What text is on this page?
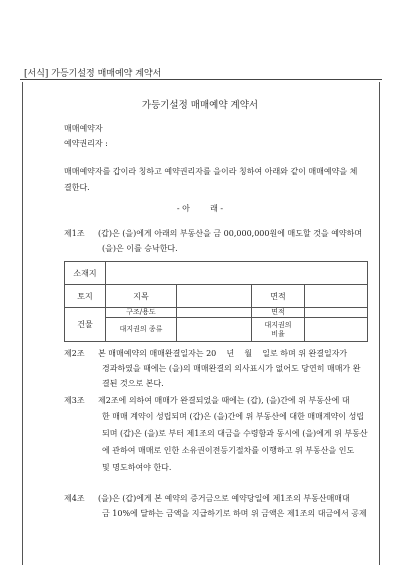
[서식] 가등기설정 매매예약 계약서
가등기설정 매매예약 계약서
매매예약자
예약권리자 :
매매예약자를 갑이라 칭하고 예약권리자를 을이라 칭하여 아래와 같이 매매예약을 체
결한다.
- 아        래 -
제1조 (갑)은 (을)에게 아래의 부동산을 금 00,000,000원에 매도할 것을 예약하며
(을)은 이를 승낙한다.
소재지				
토지	지목		면적	
건물	구조/용도		면적	
	대지권의 종류		대지권의 비율	
제2조 본 매매예약의 매매완결일자는 20    년    월    일로 하며 위 완결일자가
경과하였을 때에는 (을)의 매매완결의 의사표시가 없어도 당연히 매매가 완
결된 것으로 본다.
제3조 제2조에 의하여 매매가 완결되었을 때에는 (갑), (을)간에 위 부동산에 대
한 매매 계약이 성립되며 (갑)은 (을)간에 위 부동산에 대한 매매계약이 성립
되며 (갑)은 (을)로 부터 제1조의 대금을 수령함과 동시에 (을)에게 위 부동산
에 관하여 매매로 인한 소유권이전등기절차를 이행하고 위 부동산을 인도
및 명도하여야 한다.
제4조 (을)은 (갑)에게 본 예약의 증거금으로 예약당일에 제1조의 부동산매매대
금 10%에 달하는 금액을 지급하기로 하며 위 금액은 제1조의 대금에서 공제
